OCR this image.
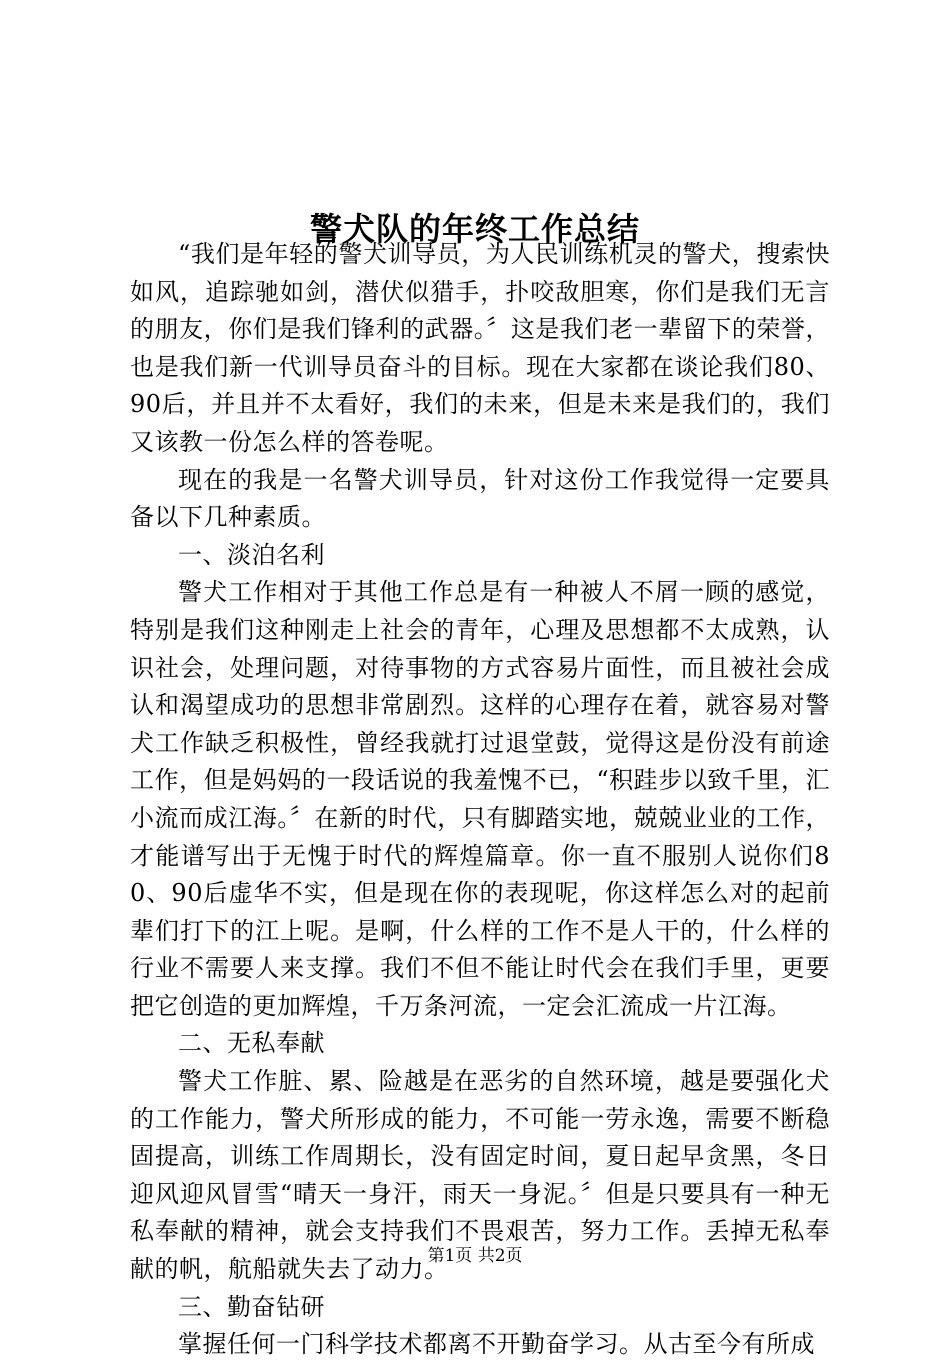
警犬队的年终工作总结

“我们是年轻的警犬训导员，为人民训练机灵的警犬，搜索快如风，追踪驰如剑，潜伏似猎手，扑咬敌胆寒，你们是我们无言的朋友，你们是我们锋利的武器。〞这是我们老一辈留下的荣誉，也是我们新一代训导员奋斗的目标。现在大家都在谈论我们80、90后，并且并不太看好，我们的未来，但是未来是我们的，我们又该教一份怎么样的答卷呢。

现在的我是一名警犬训导员，针对这份工作我觉得一定要具备以下几种素质。

一、淡泊名利

警犬工作相对于其他工作总是有一种被人不屑一顾的感觉，特别是我们这种刚走上社会的青年，心理及思想都不太成熟，认识社会，处理问题，对待事物的方式容易片面性，而且被社会成认和渴望成功的思想非常剧烈。这样的心理存在着，就容易对警犬工作缺乏积极性，曾经我就打过退堂鼓，觉得这是份没有前途工作，但是妈妈的一段话说的我羞愧不已，“积跬步以致千里，汇小流而成江海。〞在新的时代，只有脚踏实地，兢兢业业的工作，才能谱写出于无愧于时代的辉煌篇章。你一直不服别人说你们80、90后虚华不实，但是现在你的表现呢，你这样怎么对的起前辈们打下的江上呢。是啊，什么样的工作不是人干的，什么样的行业不需要人来支撑。我们不但不能让时代会在我们手里，更要把它创造的更加辉煌，千万条河流，一定会汇流成一片江海。

二、无私奉献

警犬工作脏、累、险越是在恶劣的自然环境，越是要强化犬的工作能力，警犬所形成的能力，不可能一劳永逸，需要不断稳固提高，训练工作周期长，没有固定时间，夏日起早贪黑，冬日迎风迎风冒雪“晴天一身汗，雨天一身泥。〞但是只要具有一种无私奉献的精神，就会支持我们不畏艰苦，努力工作。丢掉无私奉献的帆，航船就失去了动力。

三、勤奋钻研

掌握任何一门科学技术都离不开勤奋学习。从古至今有所成

第1页 共2页
